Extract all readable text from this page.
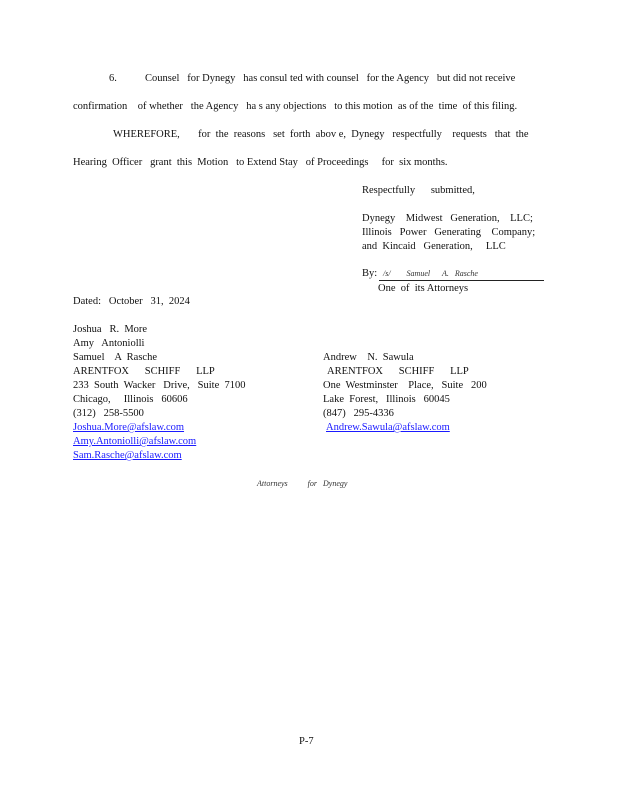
6.	Counsel   for Dynegy   has consul ted with counsel   for the Agency   but did not receive
confirmation    of whether   the Agency   ha s any objections   to this motion  as of the  time  of this filing.
WHEREFORE,       for  the  reasons   set  forth  abov e,  Dynegy   respectfully    requests   that  the
Hearing  Officer   grant  this  Motion   to Extend Stay   of Proceedings     for  six months.
Respectfully      submitted,
Dynegy    Midwest   Generation,    LLC;
Illinois   Power   Generating    Company;
and  Kincaid   Generation,     LLC
By: /s/        Samuel      A.   Rasche
One  of  its Attorneys
Dated:   October   31,  2024
Joshua   R.  More
Amy   Antoniolli
Samuel    A  Rasche
ARENTFOX      SCHIFF      LLP
233  South  Wacker   Drive,   Suite  7100
Chicago,     Illinois   60606
(312)   258-5500
Joshua.More@afslaw.com
Amy.Antoniolli@afslaw.com
Sam.Rasche@afslaw.com
Andrew    N.  Sawula
ARENTFOX      SCHIFF      LLP
One  Westminster    Place,   Suite   200
Lake  Forest,   Illinois   60045
(847)   295-4336
Andrew.Sawula@afslaw.com
Attorneys          for   Dynegy
P-7
